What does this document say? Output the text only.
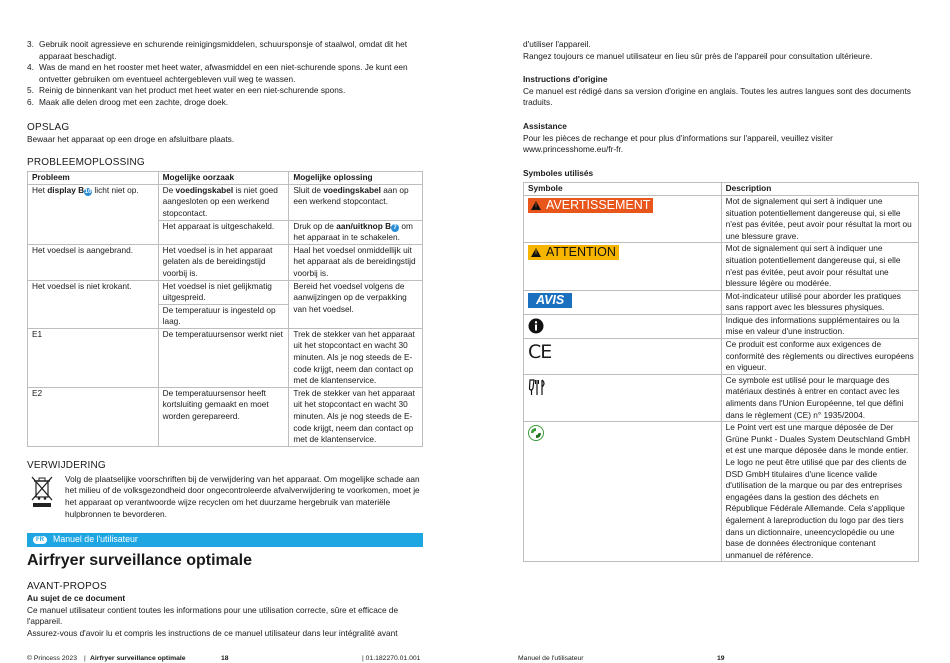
3. Gebruik nooit agressieve en schurende reinigingsmiddelen, schuursponsje of staalwol, omdat dit het apparaat beschadigt.
4. Was de mand en het rooster met heet water, afwasmiddel en een niet-schurende spons. Je kunt een ontvetter gebruiken om eventueel achtergebleven vuil weg te wassen.
5. Reinig de binnenkant van het product met heet water en een niet-schurende spons.
6. Maak alle delen droog met een zachte, droge doek.
OPSLAG

Bewaar het apparaat op een droge en afsluitbare plaats.

PROBLEEMOPLOSSING
Probleem	Mogelijke oorzaak	Mogelijke oplossing
Het display B10 licht niet op.	De voedingskabel is niet goed aangesloten op een werkend stopcontact.	Sluit de voedingskabel aan op een werkend stopcontact.
	Het apparaat is uitgeschakeld.	Druk op de aan/uitknop B 7 om het apparaat in te schakelen.
Het voedsel is aangebrand.	Het voedsel is in het apparaat gelaten als de bereidingstijd voorbij is.	Haal het voedsel onmiddellijk uit het apparaat als de bereidingstijd voorbij is.
Het voedsel is niet krokant.	Het voedsel is niet gelijkmatig uitgespreid.	Bereid het voedsel volgens de aanwijzingen op de verpakking van het voedsel.
	De temperatuur is ingesteld op laag.	
E1	De temperatuursensor werkt niet	Trek de stekker van het apparaat uit het stopcontact en wacht 30 minuten. Als je nog steeds de E-code krijgt, neem dan contact op met de klantenservice.
E2	De temperatuursensor heeft kortsluiting gemaakt en moet worden gerepareerd.	Trek de stekker van het apparaat uit het stopcontact en wacht 30 minuten. Als je nog steeds de E-code krijgt, neem dan contact op met de klantenservice.
VERWIJDERING

Volg de plaatselijke voorschriften bij de verwijdering van het apparaat. Om mogelijke schade aan het milieu of de volksgezondheid door ongecontroleerde afvalverwijdering te voorkomen, moet je het apparaat op verantwoorde wijze recyclen om het duurzame hergebruik van materiële hulpbronnen te bevorderen.

FR	Manuel de l'utilisateur
Airfryer surveillance optimale
AVANT-PROPOS

Au sujet de ce document

Ce manuel utilisateur contient toutes les informations pour une utilisation correcte, sûre et efficace de l'appareil.

Assurez-vous d'avoir lu et compris les instructions de ce manuel utilisateur dans leur intégralité avant

© Princess 2023 | Airfryer surveillance optimale	18	| 01.182270.01.001

d'utiliser l'appareil.

Rangez toujours ce manuel utilisateur en lieu sûr près de l'appareil pour consultation ultérieure.

Instructions d'origine

Ce manuel est rédigé dans sa version d'origine en anglais. Toutes les autres langues sont des documents traduits.

Assistance

Pour les pièces de rechange et pour plus d'informations sur l'appareil, veuillez visiter www.princesshome.eu/fr-fr.

Symboles utilisés

Symbole	Description

! AVERTISSEMENT	Mot de signalement qui sert à indiquer une situation potentiellement dangereuse qui, si elle n'est pas évitée, peut avoir pour résultat la mort ou une blessure grave.

! ATTENTION	Mot de signalement qui sert à indiquer une situation potentiellement dangereuse qui, si elle n'est pas évitée, peut avoir pour résultat une blessure légère ou modérée.
AVIS	Mot-indicateur utilisé pour aborder les pratiques sans rapport avec les blessures physiques.
	Indique des informations supplémentaires ou la mise en valeur d'une instruction.
CE	Ce produit est conforme aux exigences de conformité des règlements ou directives européens en vigueur.
	Ce symbole est utilisé pour le marquage des matériaux destinés à entrer en contact avec les aliments dans l'Union Européenne, tel que défini dans le règlement (CE) n° 1935/2004.
	Le Point vert est une marque déposée de Der Grüne Punkt - Duales System Deutschland GmbH et est une marque déposée dans le monde entier. Le logo ne peut être utilisé que par des clients de DSD GmbH titulaires d'une licence valide d'utilisation de la marque ou par des entreprises engagées dans la gestion des déchets en République Fédérale Allemande. Cela s'applique également à lareproduction du logo par des tiers dans un dictionnaire, uneencyclopédie ou une base de données électronique contenant unmanuel de référence.
Manuel de l'utilisateur	19
